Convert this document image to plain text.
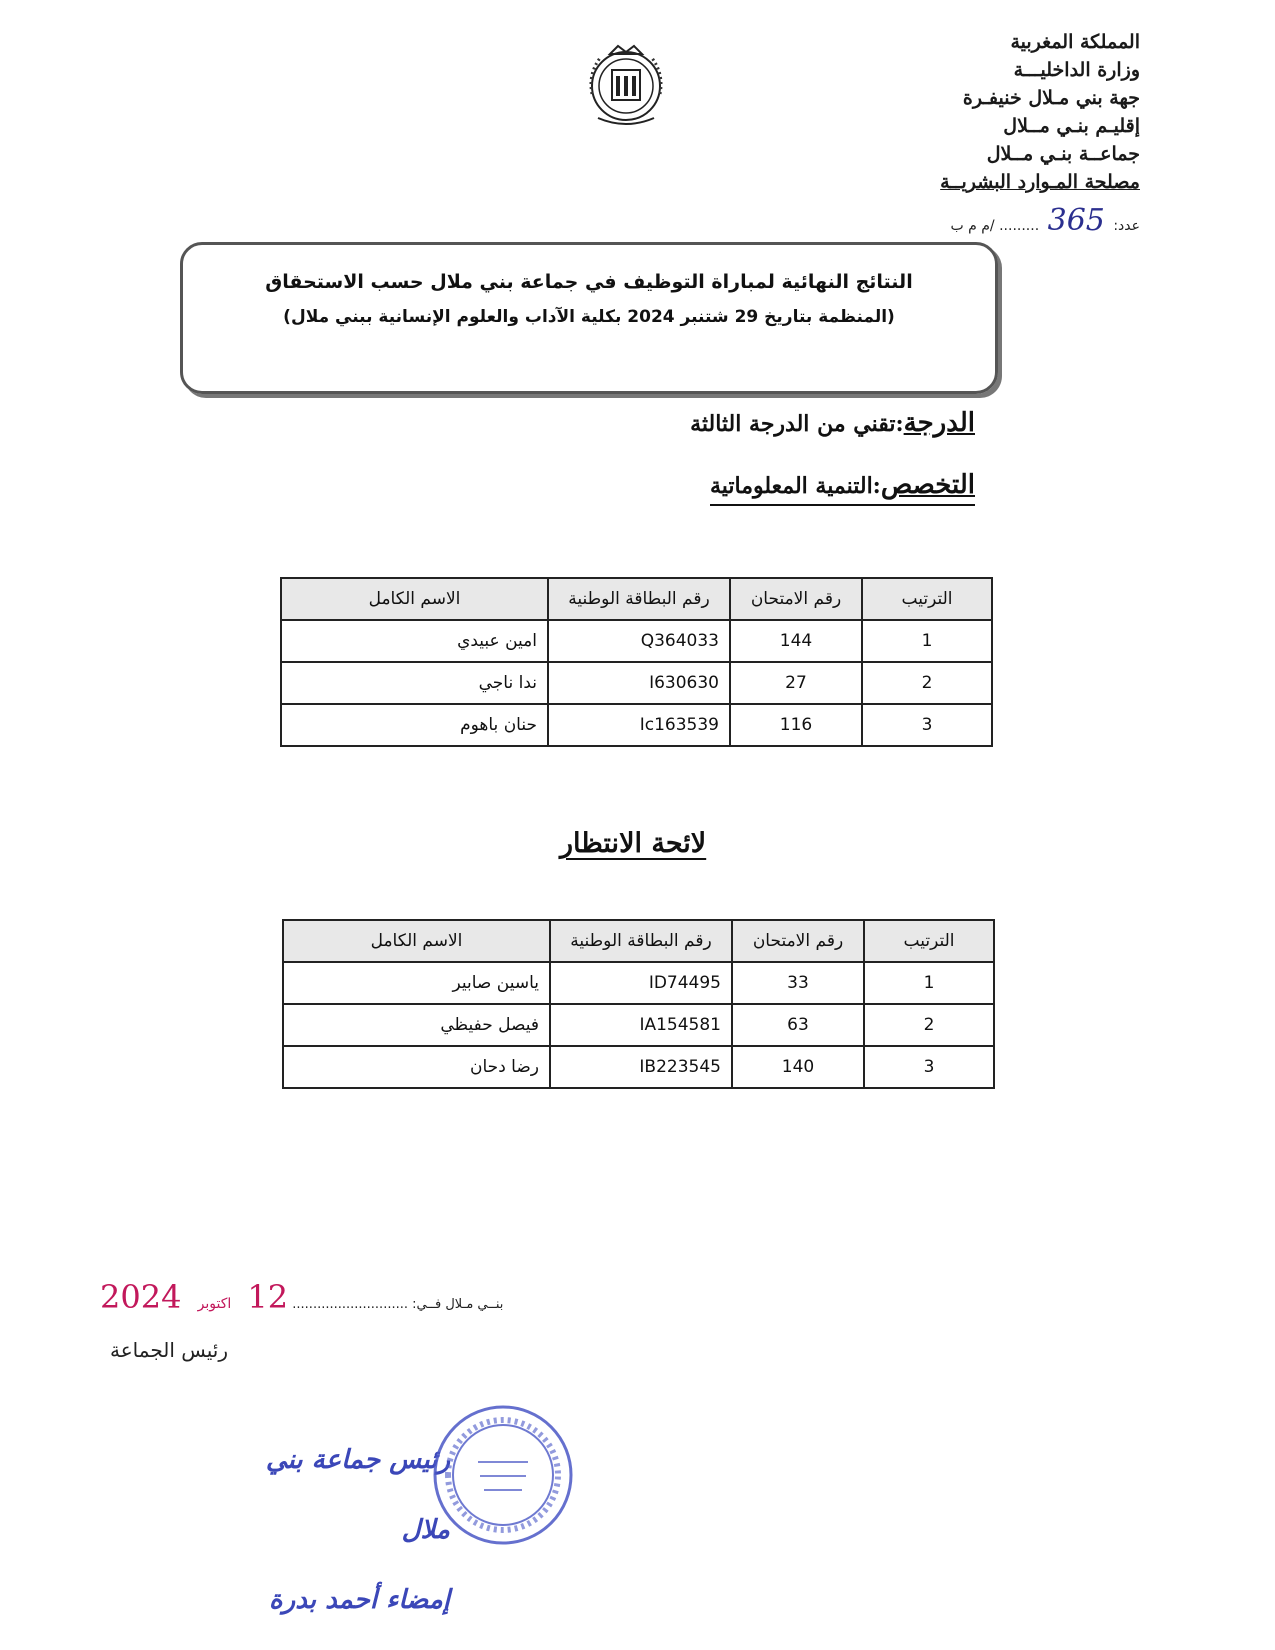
المملكة المغربية
وزارة الداخليـــة
جهة بني مـلال خنيفـرة
إقليـم بنـي مــلال
جماعــة بنـي مــلال
مصلحة المـوارد البشريــة
عدد: 365 ......... /م م ب
النتائج النهائية لمباراة التوظيف في جماعة بني ملال حسب الاستحقاق
(المنظمة بتاريخ 29 شتنبر 2024 بكلية الآداب والعلوم الإنسانية ببني ملال)
الدرجة:تقني من الدرجة الثالثة
التخصص:التنمية المعلوماتية
الترتيب	رقم الامتحان	رقم البطاقة الوطنية	الاسم الكامل
1	144	Q364033	امين عبيدي
2	27	I630630	ندا ناجي
3	116	Ic163539	حنان باهوم
لائحة الانتظار
الترتيب	رقم الامتحان	رقم البطاقة الوطنية	الاسم الكامل
1	33	ID74495	ياسين صابير
2	63	IA154581	فيصل حفيظي
3	140	IB223545	رضا دحان
بنــي مـلال فــي: ............................ 12 اكتوبر 2024
رئيس الجماعة
رئيس جماعة بني ملال
إمضاء أحمد بدرة
